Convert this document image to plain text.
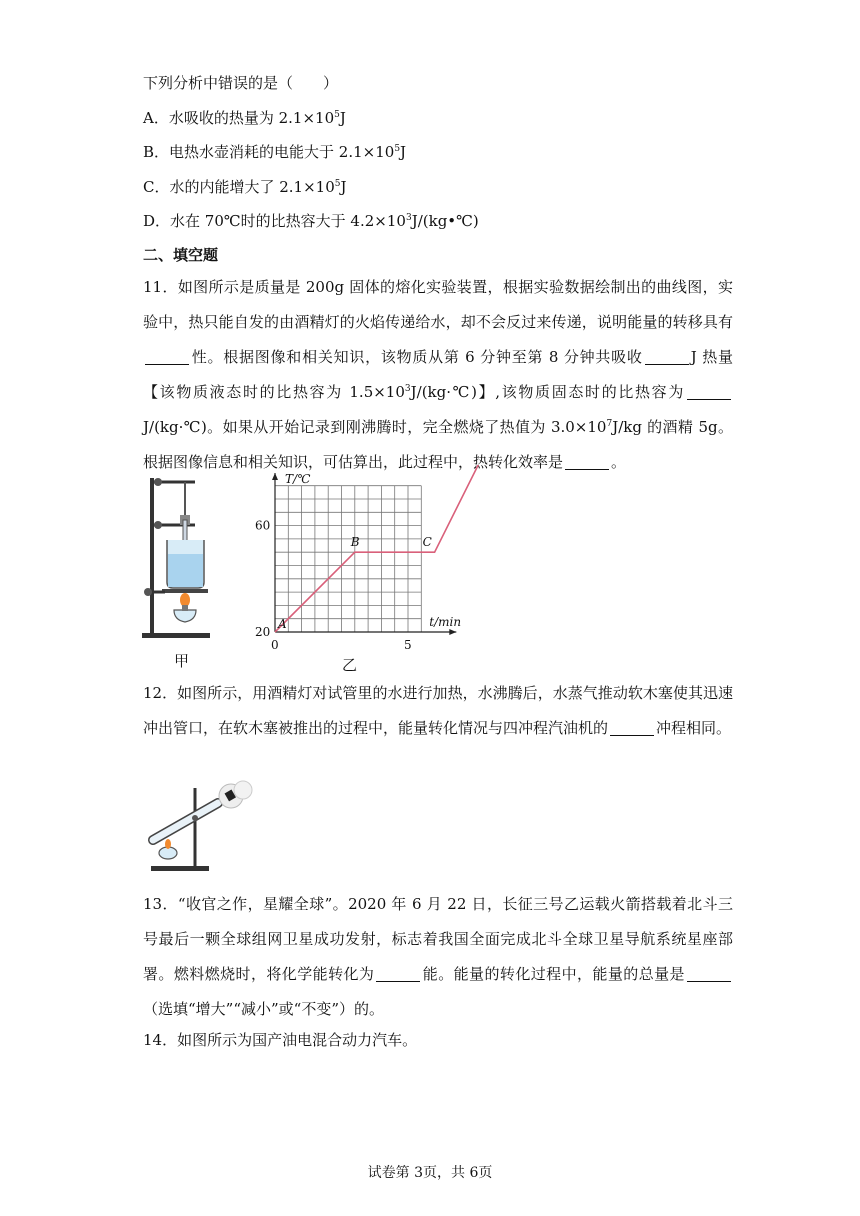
下列分析中错误的是（　　）
A．水吸收的热量为 $2.1\times 10^5J$
B．电热水壶消耗的电能大于 $2.1\times 10^5J$
C．水的内能增大了 $2.1\times 10^5J$
D．水在 70℃时的比热容大于 $4.2\times 10^3J/(kg•℃)$
二、填空题
11．如图所示是质量是 200g 固体的熔化实验装置，根据实验数据绘制出的曲线图，实验中，热只能自发的由酒精灯的火焰传递给水，却不会反过来传递，说明能量的转移具有性。根据图像和相关知识，该物质从第 6 分钟至第 8 分钟共吸收	J 热量【该物质液态时的比热容为 $1.5\times 10^3J/(kg\cdot℃)$】,该物质固态时的比热容为J/(kg·℃)。如果从开始记录到刚沸腾时，完全燃烧了热值为 $3.0\times 10^7J/kg$ 的酒精 5g。根据图像信息和相关知识，可估算出，此过程中，热转化效率是	。
甲
T/℃
t/min
0	5
20
60
A
B	C
乙
12．如图所示，用酒精灯对试管里的水进行加热，水沸腾后，水蒸气推动软木塞使其迅速冲出管口，在软木塞被推出的过程中，能量转化情况与四冲程汽油机的	冲程相同。
13．“收官之作，星耀全球”。2020 年 6 月 22 日，长征三号乙运载火箭搭载着北斗三号最后一颗全球组网卫星成功发射，标志着我国全面完成北斗全球卫星导航系统星座部署。燃料燃烧时，将化学能转化为	能。能量的转化过程中，能量的总量是（选填“增大”“减小”或“不变”）的。
14．如图所示为国产油电混合动力汽车。
试卷第 3页，共 6页
